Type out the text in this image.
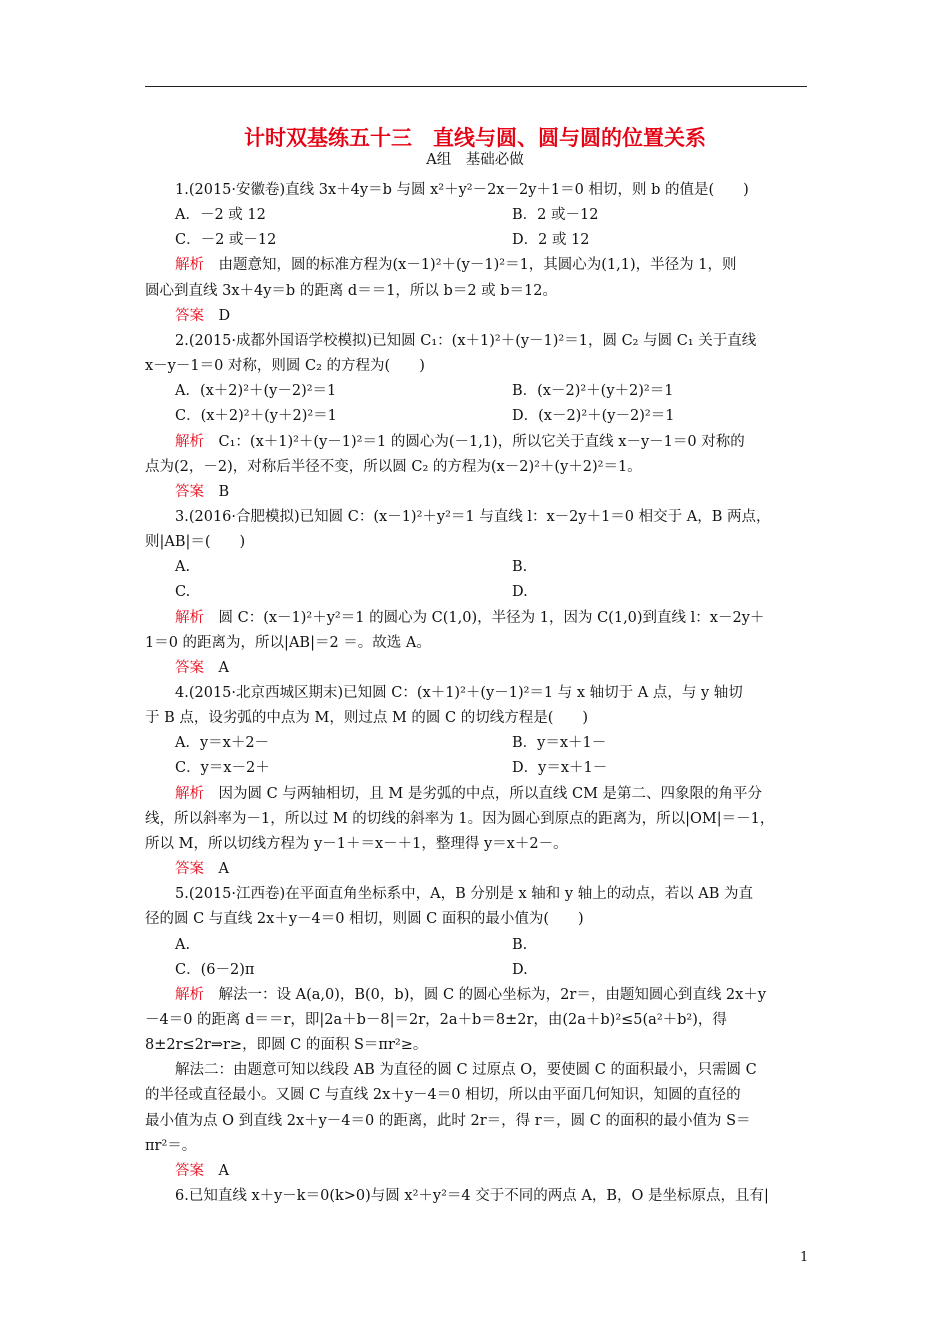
计时双基练五十三　直线与圆、圆与圆的位置关系
A组　基础必做
1.(2015·安徽卷)直线 3x＋4y＝b 与圆 x²＋y²－2x－2y＋1＝0 相切，则 b 的值是(　　)
A．－2 或 12	B．2 或－12
C．－2 或－12	D．2 或 12
解析　由题意知，圆的标准方程为(x－1)²＋(y－1)²＝1，其圆心为(1,1)，半径为 1，则
圆心到直线 3x＋4y＝b 的距离 d＝＝1，所以 b＝2 或 b＝12。
答案　D
2.(2015·成都外国语学校模拟)已知圆 C₁：(x＋1)²＋(y－1)²＝1，圆 C₂ 与圆 C₁ 关于直线
x－y－1＝0 对称，则圆 C₂ 的方程为(　　)
A．(x＋2)²＋(y－2)²＝1	B．(x－2)²＋(y＋2)²＝1
C．(x＋2)²＋(y＋2)²＝1	D．(x－2)²＋(y－2)²＝1
解析　C₁：(x＋1)²＋(y－1)²＝1 的圆心为(－1,1)，所以它关于直线 x－y－1＝0 对称的
点为(2，－2)，对称后半径不变，所以圆 C₂ 的方程为(x－2)²＋(y＋2)²＝1。
答案　B
3.(2016·合肥模拟)已知圆 C：(x－1)²＋y²＝1 与直线 l：x－2y＋1＝0 相交于 A，B 两点，
则|AB|＝(　　)
A.	B.
C.	D.
解析　圆 C：(x－1)²＋y²＝1 的圆心为 C(1,0)，半径为 1，因为 C(1,0)到直线 l：x－2y＋
1＝0 的距离为，所以|AB|＝2 ＝。故选 A。
答案　A
4.(2015·北京西城区期末)已知圆 C：(x＋1)²＋(y－1)²＝1 与 x 轴切于 A 点，与 y 轴切
于 B 点，设劣弧的中点为 M，则过点 M 的圆 C 的切线方程是(　　)
A．y＝x＋2－	B．y＝x＋1－
C．y＝x－2＋	D．y＝x＋1－
解析　因为圆 C 与两轴相切，且 M 是劣弧的中点，所以直线 CM 是第二、四象限的角平分
线，所以斜率为－1，所以过 M 的切线的斜率为 1。因为圆心到原点的距离为，所以|OM|＝－1，
所以 M，所以切线方程为 y－1＋＝x－＋1，整理得 y＝x＋2－。
答案　A
5.(2015·江西卷)在平面直角坐标系中，A，B 分别是 x 轴和 y 轴上的动点，若以 AB 为直
径的圆 C 与直线 2x＋y－4＝0 相切，则圆 C 面积的最小值为(　　)
A.	B.
C．(6－2)π	D.
解析　解法一：设 A(a,0)，B(0，b)，圆 C 的圆心坐标为，2r＝，由题知圆心到直线 2x＋y
－4＝0 的距离 d＝＝r，即|2a＋b－8|＝2r，2a＋b＝8±2r，由(2a＋b)²≤5(a²＋b²)，得
8±2r≤2r⇒r≥，即圆 C 的面积 S＝πr²≥。
解法二：由题意可知以线段 AB 为直径的圆 C 过原点 O，要使圆 C 的面积最小，只需圆 C
的半径或直径最小。又圆 C 与直线 2x＋y－4＝0 相切，所以由平面几何知识，知圆的直径的
最小值为点 O 到直线 2x＋y－4＝0 的距离，此时 2r＝，得 r＝，圆 C 的面积的最小值为 S＝
πr²＝。
答案　A
6.已知直线 x＋y－k＝0(k>0)与圆 x²＋y²＝4 交于不同的两点 A，B，O 是坐标原点，且有|
1
